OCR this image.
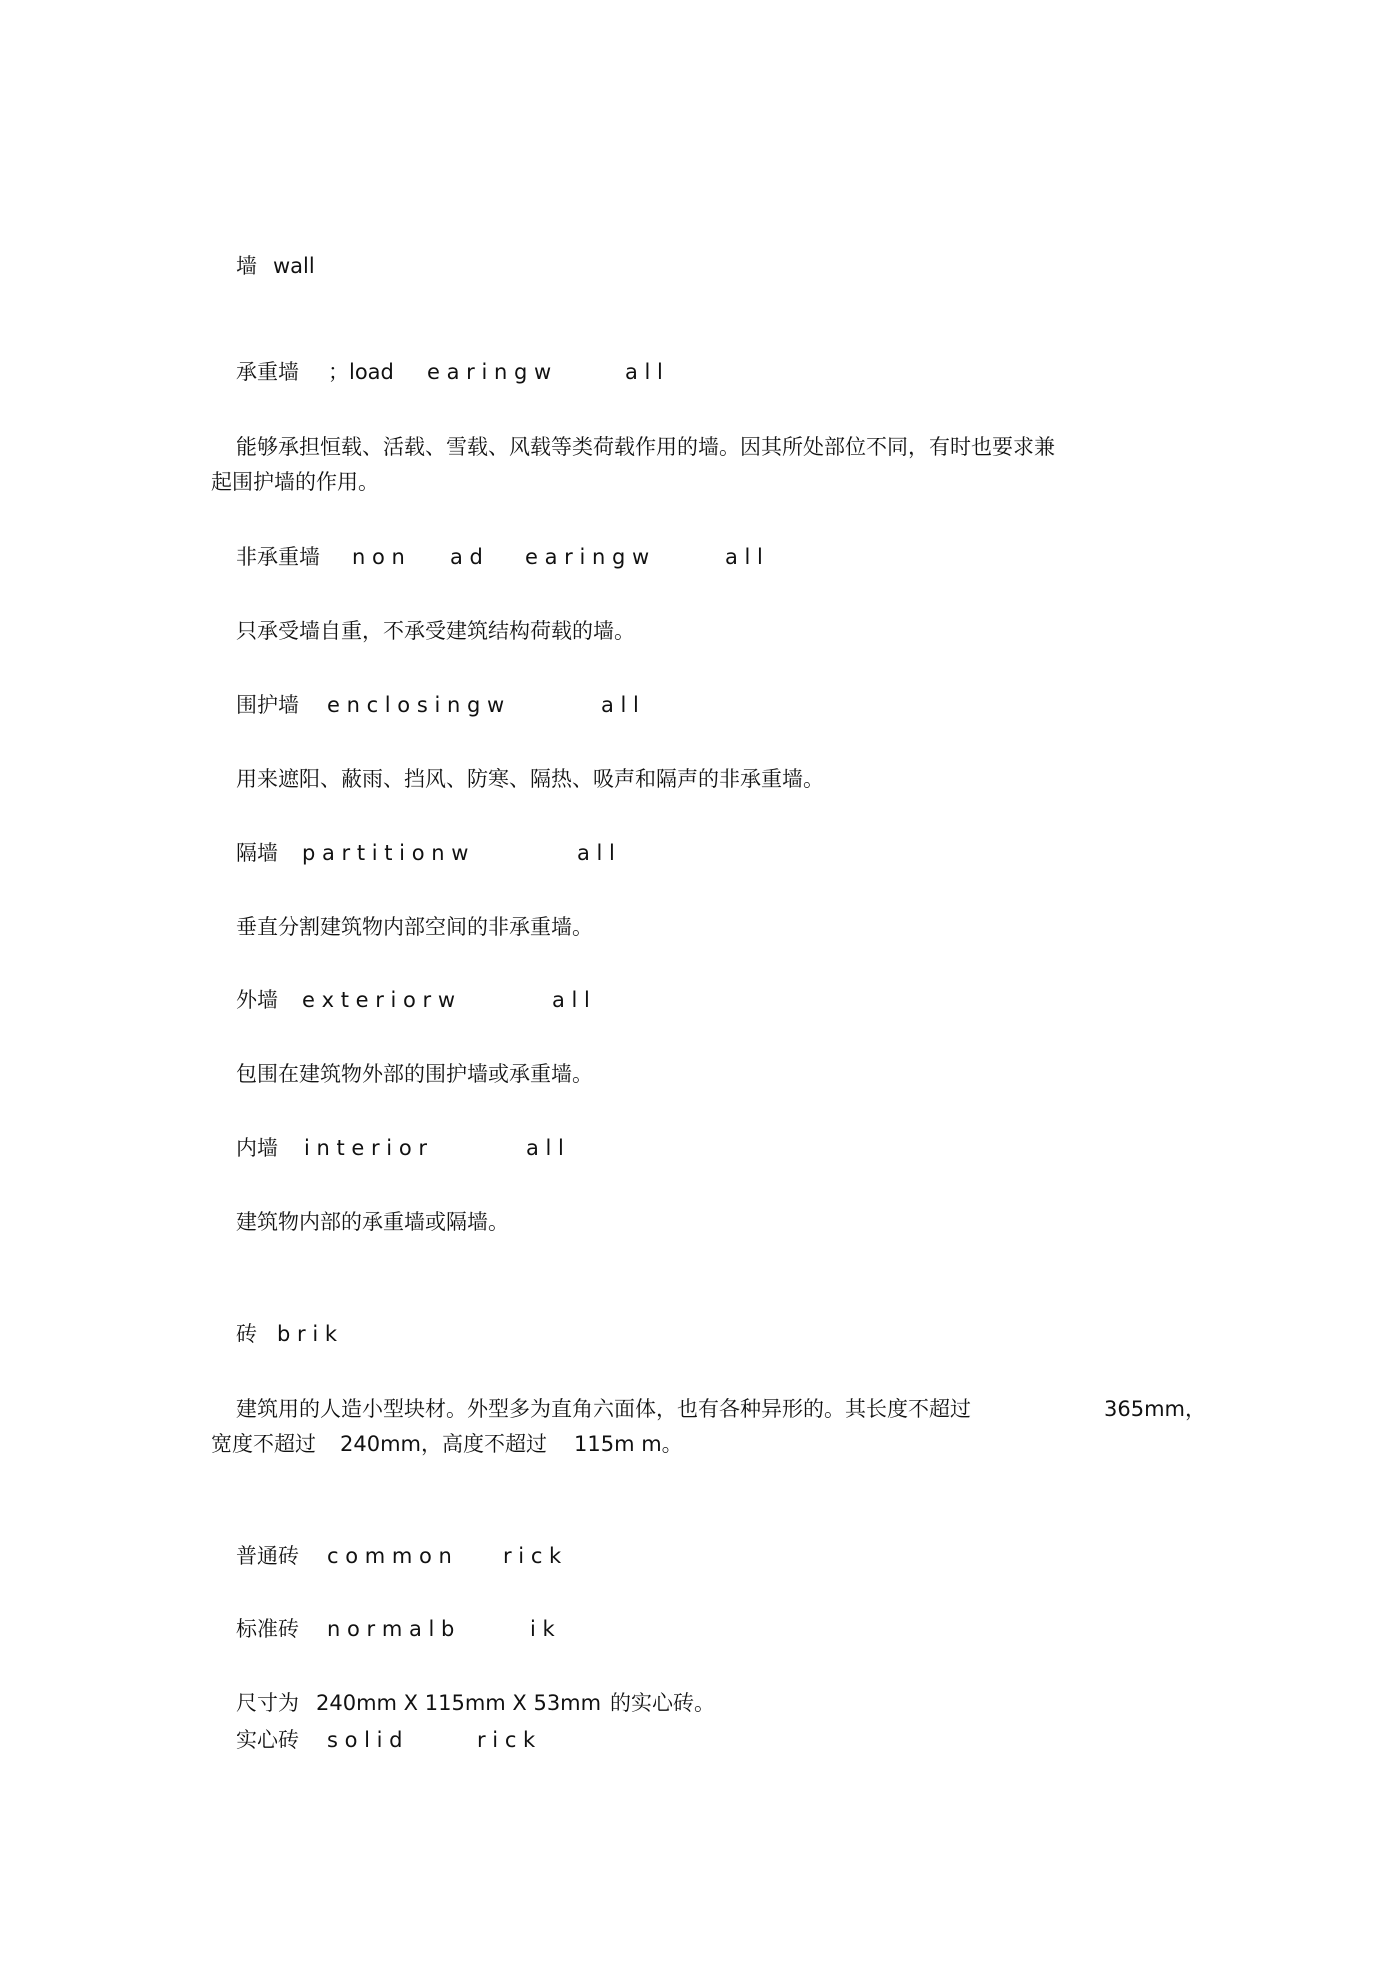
墙 wall
承重墙 ；load e a r i n g w	a l l
能够承担恒载、活载、雪载、风载等类荷载作用的墙。因其所处部位不同，有时也要求兼
起围护墙的作用。
非承重墙 n o n a d e a r i n g w	a l l
只承受墙自重，不承受建筑结构荷载的墙。
围护墙 e n c l o s i n g w	a l l
用来遮阳、蔽雨、挡风、防寒、隔热、吸声和隔声的非承重墙。
隔墙 p a r t i t i o n w	a l l
垂直分割建筑物内部空间的非承重墙。
外墙 e x t e r i o r w	a l l
包围在建筑物外部的围护墙或承重墙。
内墙 i n t e r i o r	a l l
建筑物内部的承重墙或隔墙。
砖 b r i k
建筑用的人造小型块材。外型多为直角六面体，也有各种异形的。其长度不超过	365mm，
宽度不超过 240mm，高度不超过 115m m。
普通砖 c o m m o n r i c k
标准砖 n o r m a l b	i k
尺寸为 240mm X 115mm X 53mm 的实心砖。
实心砖 s o l i d	r i c k
